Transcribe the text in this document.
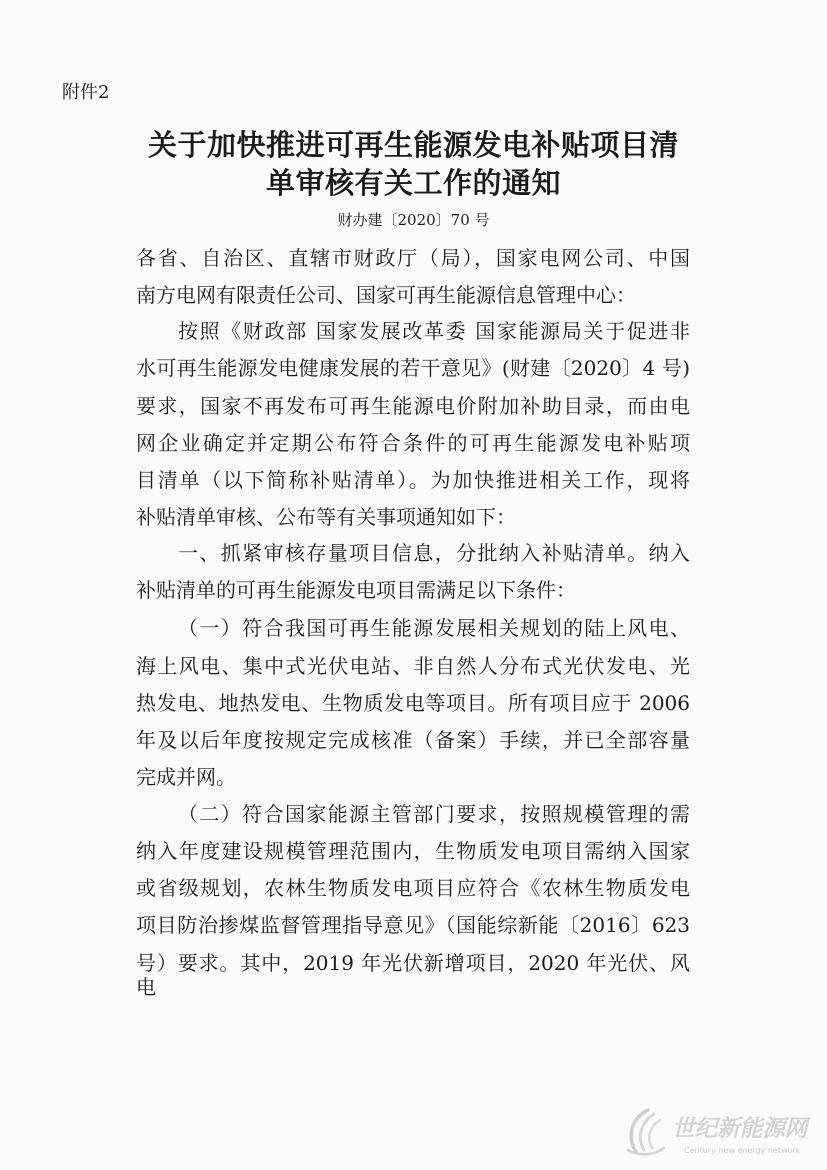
附件2
关于加快推进可再生能源发电补贴项目清
单审核有关工作的通知
财办建〔2020〕70 号
各省、自治区、直辖市财政厅（局），国家电网公司、中国
南方电网有限责任公司、国家可再生能源信息管理中心：
按照《财政部 国家发展改革委 国家能源局关于促进非
水可再生能源发电健康发展的若干意见》(财建〔2020〕4 号)
要求，国家不再发布可再生能源电价附加补助目录，而由电
网企业确定并定期公布符合条件的可再生能源发电补贴项
目清单（以下简称补贴清单）。为加快推进相关工作，现将
补贴清单审核、公布等有关事项通知如下：
一、抓紧审核存量项目信息，分批纳入补贴清单。纳入
补贴清单的可再生能源发电项目需满足以下条件：
（一）符合我国可再生能源发展相关规划的陆上风电、
海上风电、集中式光伏电站、非自然人分布式光伏发电、光
热发电、地热发电、生物质发电等项目。所有项目应于 2006
年及以后年度按规定完成核准（备案）手续，并已全部容量
完成并网。
（二）符合国家能源主管部门要求，按照规模管理的需
纳入年度建设规模管理范围内，生物质发电项目需纳入国家
或省级规划，农林生物质发电项目应符合《农林生物质发电
项目防治掺煤监督管理指导意见》（国能综新能〔2016〕623
号）要求。其中，2019 年光伏新增项目，2020 年光伏、风电
世纪新能源网
Century new energy network
